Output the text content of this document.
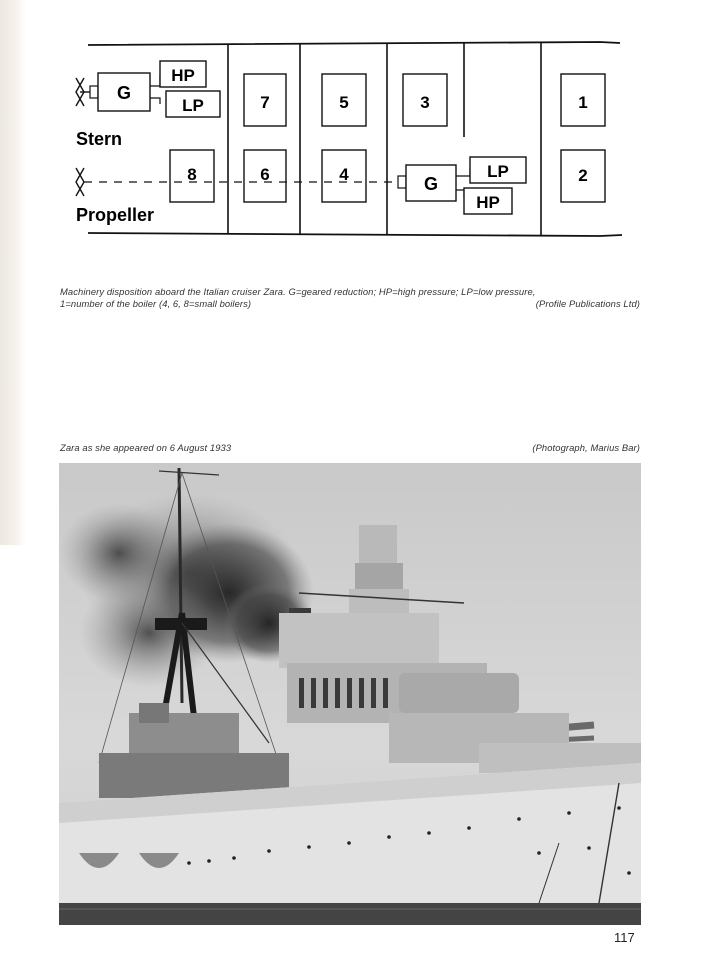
7	5	3	1
8	6	4	2
G
HP
LP
Stern
G
LP
HP
Propeller
Machinery disposition aboard the Italian cruiser Zara. G=geared reduction; HP=high pressure; LP=low pressure,
1=number of the boiler (4, 6, 8=small boilers)	(Profile Publications Ltd)
Zara as she appeared on 6 August 1933	(Photograph, Marius Bar)
117
